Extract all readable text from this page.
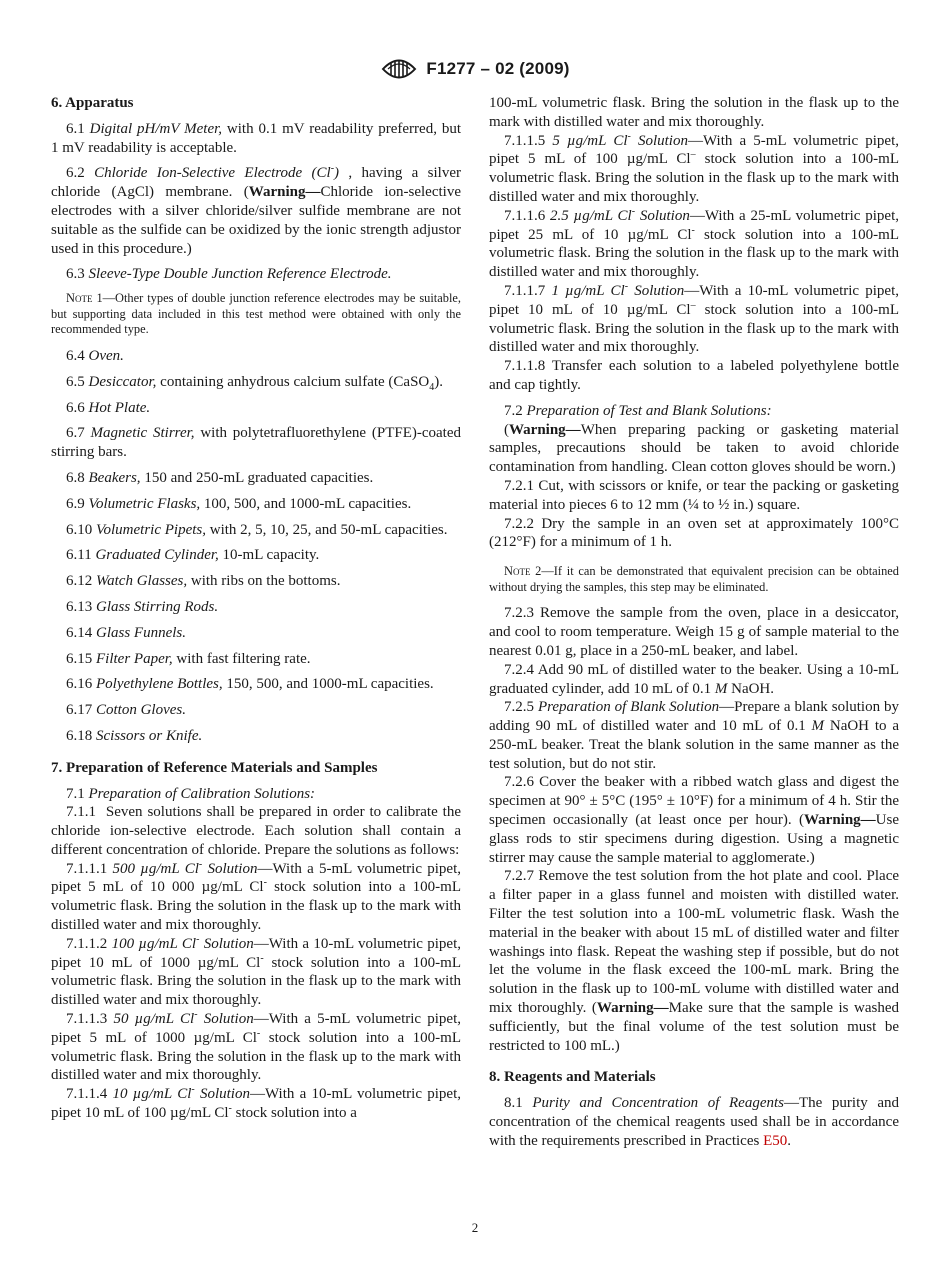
F1277 – 02 (2009)

6. Apparatus

6.1 Digital pH/mV Meter, with 0.1 mV readability preferred, but 1 mV readability is acceptable.

6.2 Chloride Ion-Selective Electrode (Cl-) , having a silver chloride (AgCl) membrane. (Warning—Chloride ion-selective electrodes with a silver chloride/silver sulfide membrane are not suitable as the sulfide can be oxidized by the ionic strength adjustor used in this procedure.)

6.3 Sleeve-Type Double Junction Reference Electrode.

Note 1—Other types of double junction reference electrodes may be suitable, but supporting data included in this test method were obtained with only the recommended type.

6.4 Oven.

6.5 Desiccator, containing anhydrous calcium sulfate (CaSO$_4$).

6.6 Hot Plate.

6.7 Magnetic Stirrer, with polytetrafluorethylene (PTFE)-coated stirring bars.

6.8 Beakers, 150 and 250-mL graduated capacities.

6.9 Volumetric Flasks, 100, 500, and 1000-mL capacities.

6.10 Volumetric Pipets, with 2, 5, 10, 25, and 50-mL capacities.

6.11 Graduated Cylinder, 10-mL capacity.

6.12 Watch Glasses, with ribs on the bottoms.

6.13 Glass Stirring Rods.

6.14 Glass Funnels.

6.15 Filter Paper, with fast filtering rate.

6.16 Polyethylene Bottles, 150, 500, and 1000-mL capacities.

6.17 Cotton Gloves.

6.18 Scissors or Knife.

7. Preparation of Reference Materials and Samples

7.1 Preparation of Calibration Solutions:

7.1.1 Seven solutions shall be prepared in order to calibrate the chloride ion-selective electrode. Each solution shall contain a different concentration of chloride. Prepare the solutions as follows:

7.1.1.1 500 µg/mL Cl- Solution—With a 5-mL volumetric pipet, pipet 5 mL of 10 000 µg/mL Cl- stock solution into a 100-mL volumetric flask. Bring the solution in the flask up to the mark with distilled water and mix thoroughly.

7.1.1.2 100 µg/mL Cl- Solution—With a 10-mL volumetric pipet, pipet 10 mL of 1000 µg/mL Cl- stock solution into a 100-mL volumetric flask. Bring the solution in the flask up to the mark with distilled water and mix thoroughly.

7.1.1.3 50 µg/mL Cl- Solution—With a 5-mL volumetric pipet, pipet 5 mL of 1000 µg/mL Cl- stock solution into a 100-mL volumetric flask. Bring the solution in the flask up to the mark with distilled water and mix thoroughly.

7.1.1.4 10 µg/mL Cl- Solution—With a 10-mL volumetric pipet, pipet 10 mL of 100 µg/mL Cl- stock solution into a

100-mL volumetric flask. Bring the solution in the flask up to the mark with distilled water and mix thoroughly.

7.1.1.5 5 µg/mL Cl- Solution—With a 5-mL volumetric pipet, pipet 5 mL of 100 µg/mL Cl– stock solution into a 100-mL volumetric flask. Bring the solution in the flask up to the mark with distilled water and mix thoroughly.

7.1.1.6 2.5 µg/mL Cl- Solution—With a 25-mL volumetric pipet, pipet 25 mL of 10 µg/mL Cl- stock solution into a 100-mL volumetric flask. Bring the solution in the flask up to the mark with distilled water and mix thoroughly.

7.1.1.7 1 µg/mL Cl- Solution—With a 10-mL volumetric pipet, pipet 10 mL of 10 µg/mL Cl– stock solution into a 100-mL volumetric flask. Bring the solution in the flask up to the mark with distilled water and mix thoroughly.

7.1.1.8 Transfer each solution to a labeled polyethylene bottle and cap tightly.

7.2 Preparation of Test and Blank Solutions:

(Warning—When preparing packing or gasketing material samples, precautions should be taken to avoid chloride contamination from handling. Clean cotton gloves should be worn.)

7.2.1 Cut, with scissors or knife, or tear the packing or gasketing material into pieces 6 to 12 mm (¼ to ½ in.) square.

7.2.2 Dry the sample in an oven set at approximately 100°C (212°F) for a minimum of 1 h.

Note 2—If it can be demonstrated that equivalent precision can be obtained without drying the samples, this step may be eliminated.

7.2.3 Remove the sample from the oven, place in a desiccator, and cool to room temperature. Weigh 15 g of sample material to the nearest 0.01 g, place in a 250-mL beaker, and label.

7.2.4 Add 90 mL of distilled water to the beaker. Using a 10-mL graduated cylinder, add 10 mL of 0.1 M NaOH.

7.2.5 Preparation of Blank Solution—Prepare a blank solution by adding 90 mL of distilled water and 10 mL of 0.1 M NaOH to a 250-mL beaker. Treat the blank solution in the same manner as the test solution, but do not stir.

7.2.6 Cover the beaker with a ribbed watch glass and digest the specimen at 90° ± 5°C (195° ± 10°F) for a minimum of 4 h. Stir the specimen occasionally (at least once per hour). (Warning—Use glass rods to stir specimens during digestion. Using a magnetic stirrer may cause the sample material to agglomerate.)

7.2.7 Remove the test solution from the hot plate and cool. Place a filter paper in a glass funnel and moisten with distilled water. Filter the test solution into a 100-mL volumetric flask. Wash the material in the beaker with about 15 mL of distilled water and filter washings into flask. Repeat the washing step if possible, but do not let the volume in the flask exceed the 100-mL mark. Bring the solution in the flask up to 100-mL volume with distilled water and mix thoroughly. (Warning—Make sure that the sample is washed sufficiently, but the final volume of the test solution must be restricted to 100 mL.)

8. Reagents and Materials

8.1 Purity and Concentration of Reagents—The purity and concentration of the chemical reagents used shall be in accordance with the requirements prescribed in Practices E50.

2
